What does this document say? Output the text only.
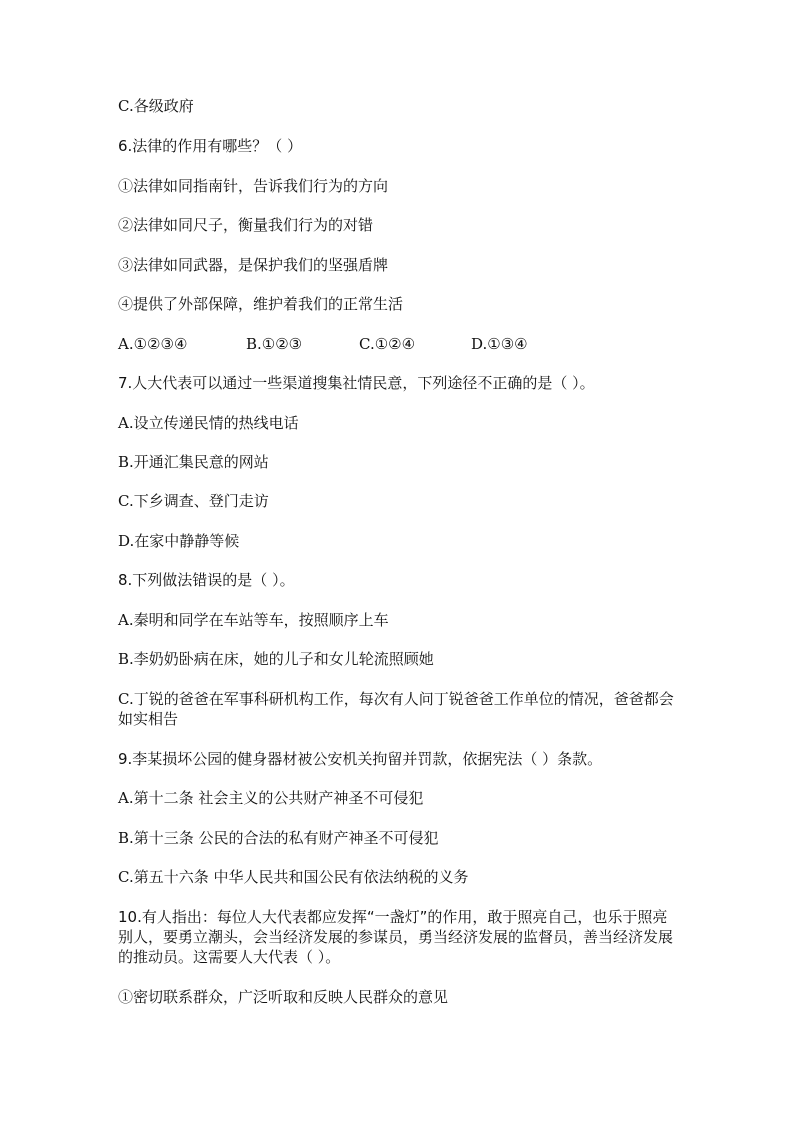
C.各级政府
6.法律的作用有哪些？（ ）
①法律如同指南针，告诉我们行为的方向
②法律如同尺子，衡量我们行为的对错
③法律如同武器，是保护我们的坚强盾牌
④提供了外部保障，维护着我们的正常生活
A.①②③④	B.①②③	C.①②④	D.①③④
7.人大代表可以通过一些渠道搜集社情民意，下列途径不正确的是（ ）。
A.设立传递民情的热线电话
B.开通汇集民意的网站
C.下乡调查、登门走访
D.在家中静静等候
8.下列做法错误的是（ ）。
A.秦明和同学在车站等车，按照顺序上车
B.李奶奶卧病在床，她的儿子和女儿轮流照顾她
C.丁锐的爸爸在军事科研机构工作，每次有人问丁锐爸爸工作单位的情况，爸爸都会如实相告
9.李某损坏公园的健身器材被公安机关拘留并罚款，依据宪法（ ）条款。
A.第十二条 社会主义的公共财产神圣不可侵犯
B.第十三条 公民的合法的私有财产神圣不可侵犯
C.第五十六条 中华人民共和国公民有依法纳税的义务
10.有人指出：每位人大代表都应发挥“一盏灯”的作用，敢于照亮自己，也乐于照亮别人，要勇立潮头，会当经济发展的参谋员，勇当经济发展的监督员，善当经济发展的推动员。这需要人大代表（ ）。
①密切联系群众，广泛听取和反映人民群众的意见
